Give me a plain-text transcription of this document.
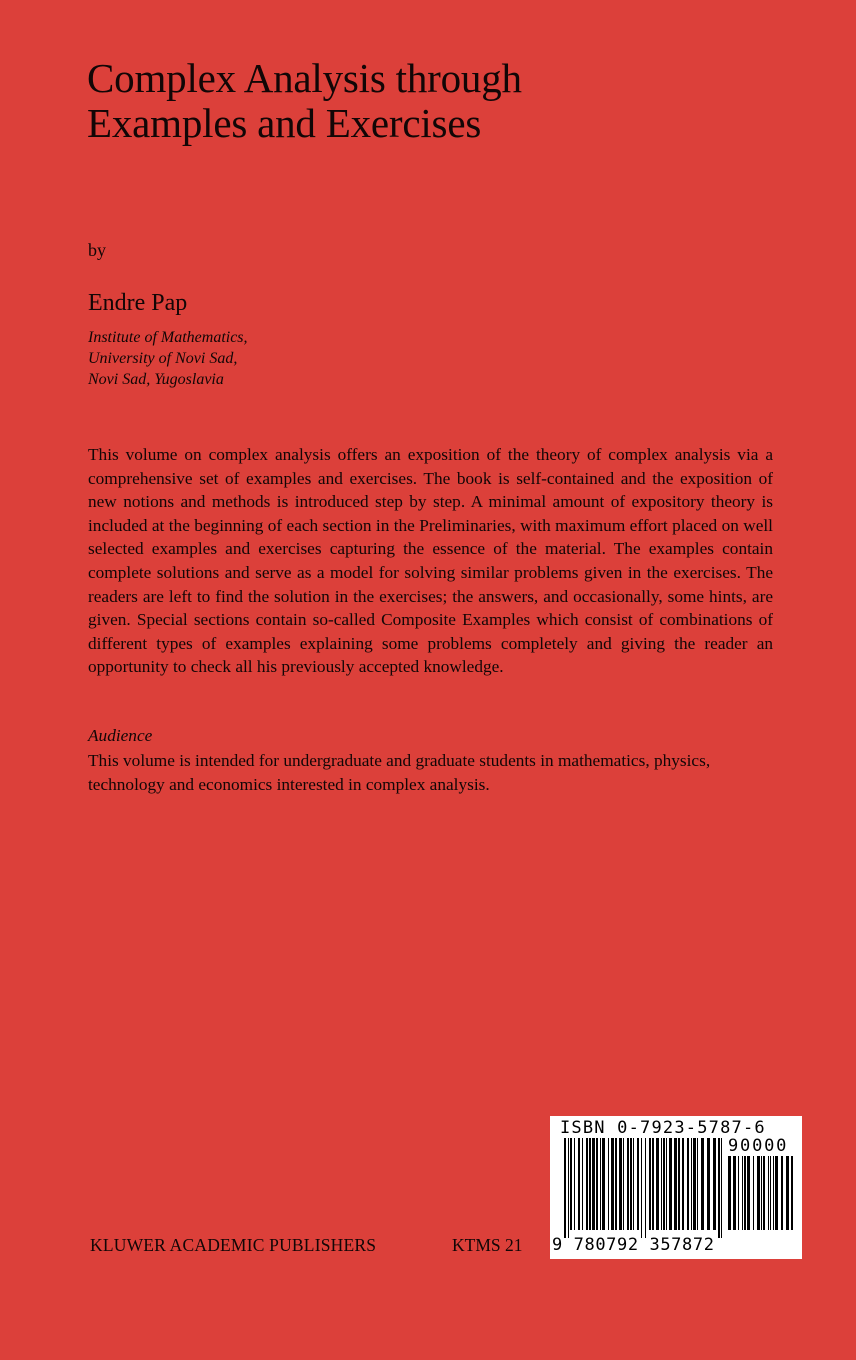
Complex Analysis through
Examples and Exercises
by
Endre Pap
Institute of Mathematics,
University of Novi Sad,
Novi Sad, Yugoslavia

This volume on complex analysis offers an exposition of the theory of complex analysis via a comprehensive set of examples and exercises. The book is self-contained and the exposition of new notions and methods is introduced step by step. A minimal amount of expository theory is included at the beginning of each section in the Preliminaries, with maximum effort placed on well selected examples and exercises capturing the essence of the material. The examples contain complete solutions and serve as a model for solving similar problems given in the exercises. The readers are left to find the solution in the exercises; the answers, and occasionally, some hints, are given. Special sections contain so-called Composite Examples which consist of combinations of different types of examples explaining some problems completely and giving the reader an opportunity to check all his previously accepted knowledge.

Audience

This volume is intended for undergraduate and graduate students in mathematics, physics, technology and economics interested in complex analysis.

KLUWER ACADEMIC PUBLISHERS	KTMS 21
ISBN 0-7923-5787-6
90000
9 780792 357872
